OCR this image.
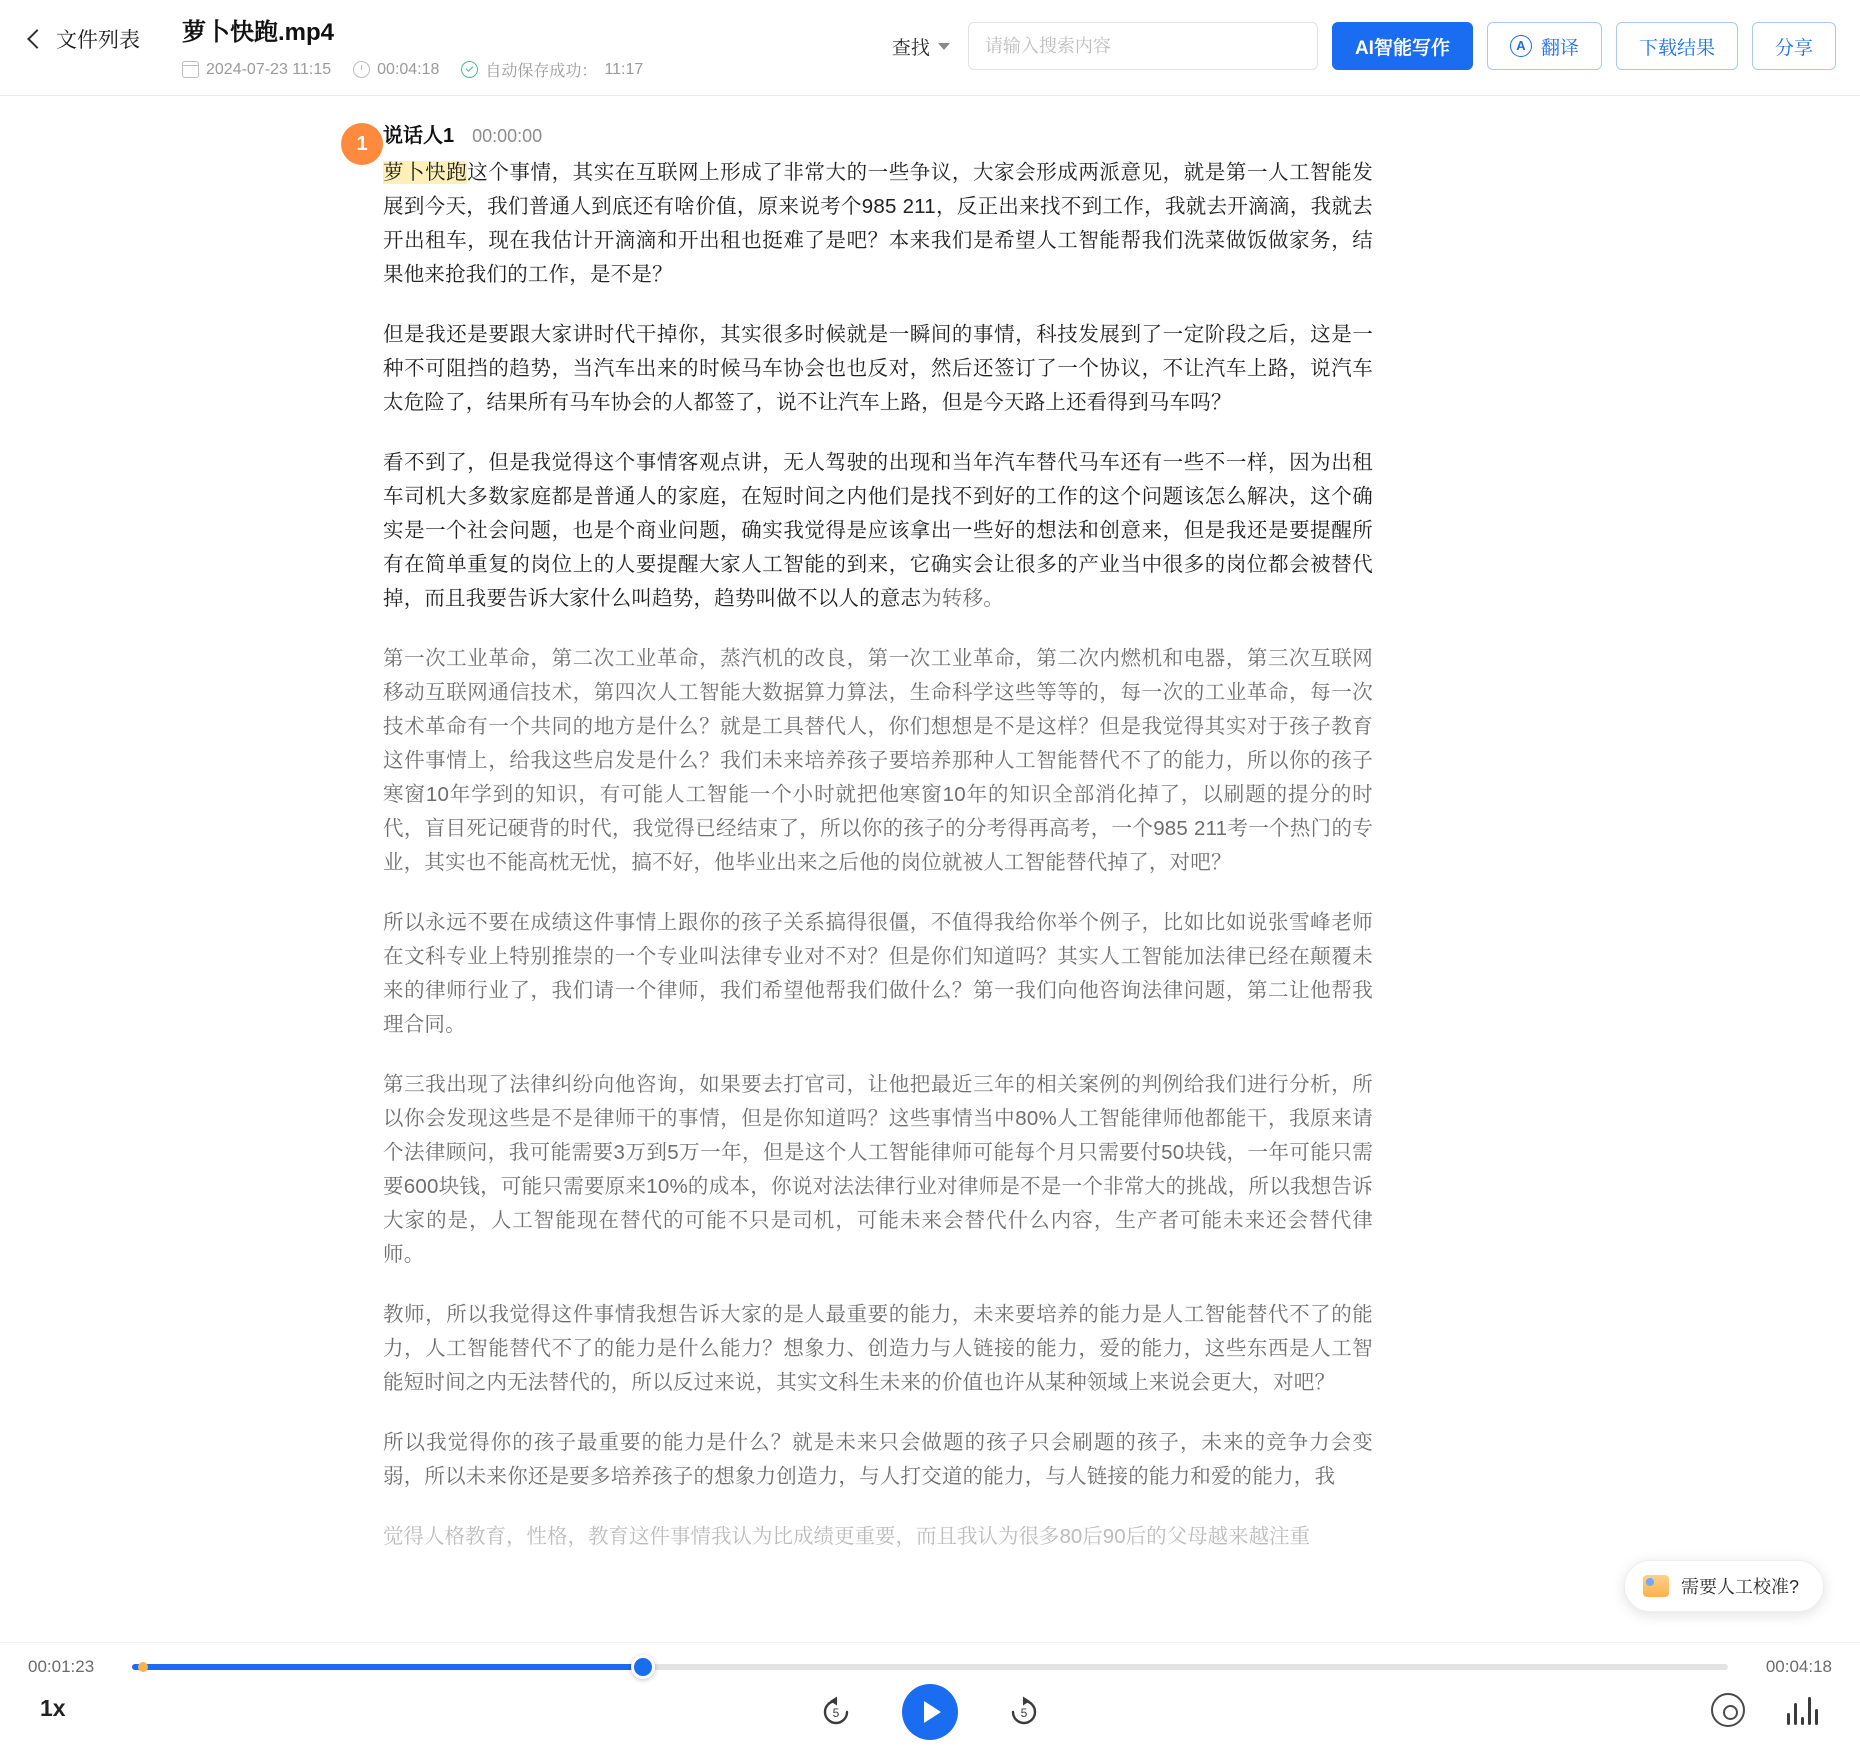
文件列表 萝卜快跑.mp4
2024-07-23 11:15	00:04:18	自动保存成功： 11:17
查找
请输入搜索内容	AI智能写作	A 翻译	下载结果	分享
1 说话人1 00:00:00

萝卜快跑这个事情，其实在互联网上形成了非常大的一些争议，大家会形成两派意见，就是第一人工智能发展到今天，我们普通人到底还有啥价值，原来说考个985 211，反正出来找不到工作，我就去开滴滴，我就去开出租车，现在我估计开滴滴和开出租也挺难了是吧？本来我们是希望人工智能帮我们洗菜做饭做家务，结果他来抢我们的工作，是不是？

但是我还是要跟大家讲时代干掉你，其实很多时候就是一瞬间的事情，科技发展到了一定阶段之后，这是一种不可阻挡的趋势，当汽车出来的时候马车协会也也反对，然后还签订了一个协议，不让汽车上路，说汽车太危险了，结果所有马车协会的人都签了，说不让汽车上路，但是今天路上还看得到马车吗？

看不到了，但是我觉得这个事情客观点讲，无人驾驶的出现和当年汽车替代马车还有一些不一样，因为出租车司机大多数家庭都是普通人的家庭，在短时间之内他们是找不到好的工作的这个问题该怎么解决，这个确实是一个社会问题，也是个商业问题，确实我觉得是应该拿出一些好的想法和创意来，但是我还是要提醒所有在简单重复的岗位上的人要提醒大家人工智能的到来，它确实会让很多的产业当中很多的岗位都会被替代掉，而且我要告诉大家什么叫趋势，趋势叫做不以人的意志为转移。

第一次工业革命，第二次工业革命，蒸汽机的改良，第一次工业革命，第二次内燃机和电器，第三次互联网移动互联网通信技术，第四次人工智能大数据算力算法，生命科学这些等等的，每一次的工业革命，每一次技术革命有一个共同的地方是什么？就是工具替代人，你们想想是不是这样？但是我觉得其实对于孩子教育这件事情上，给我这些启发是什么？我们未来培养孩子要培养那种人工智能替代不了的能力，所以你的孩子寒窗10年学到的知识，有可能人工智能一个小时就把他寒窗10年的知识全部消化掉了，以刷题的提分的时代，盲目死记硬背的时代，我觉得已经结束了，所以你的孩子的分考得再高考，一个985 211考一个热门的专业，其实也不能高枕无忧，搞不好，他毕业出来之后他的岗位就被人工智能替代掉了，对吧？

所以永远不要在成绩这件事情上跟你的孩子关系搞得很僵，不值得我给你举个例子，比如比如说张雪峰老师在文科专业上特别推崇的一个专业叫法律专业对不对？但是你们知道吗？其实人工智能加法律已经在颠覆未来的律师行业了，我们请一个律师，我们希望他帮我们做什么？第一我们向他咨询法律问题，第二让他帮我理合同。

第三我出现了法律纠纷向他咨询，如果要去打官司，让他把最近三年的相关案例的判例给我们进行分析，所以你会发现这些是不是律师干的事情，但是你知道吗？这些事情当中80%人工智能律师他都能干，我原来请个法律顾问，我可能需要3万到5万一年，但是这个人工智能律师可能每个月只需要付50块钱，一年可能只需要600块钱，可能只需要原来10%的成本，你说对法法律行业对律师是不是一个非常大的挑战，所以我想告诉大家的是，人工智能现在替代的可能不只是司机，可能未来会替代什么内容，生产者可能未来还会替代律师。

教师，所以我觉得这件事情我想告诉大家的是人最重要的能力，未来要培养的能力是人工智能替代不了的能力，人工智能替代不了的能力是什么能力？想象力、创造力与人链接的能力，爱的能力，这些东西是人工智能短时间之内无法替代的，所以反过来说，其实文科生未来的价值也许从某种领域上来说会更大，对吧？

所以我觉得你的孩子最重要的能力是什么？就是未来只会做题的孩子只会刷题的孩子，未来的竞争力会变弱，所以未来你还是要多培养孩子的想象力创造力，与人打交道的能力，与人链接的能力和爱的能力，我

觉得人格教育，性格，教育这件事情我认为比成绩更重要，而且我认为很多80后90后的父母越来越注重
需要人工校准?
00:01:23	00:04:18
1x	5	5
